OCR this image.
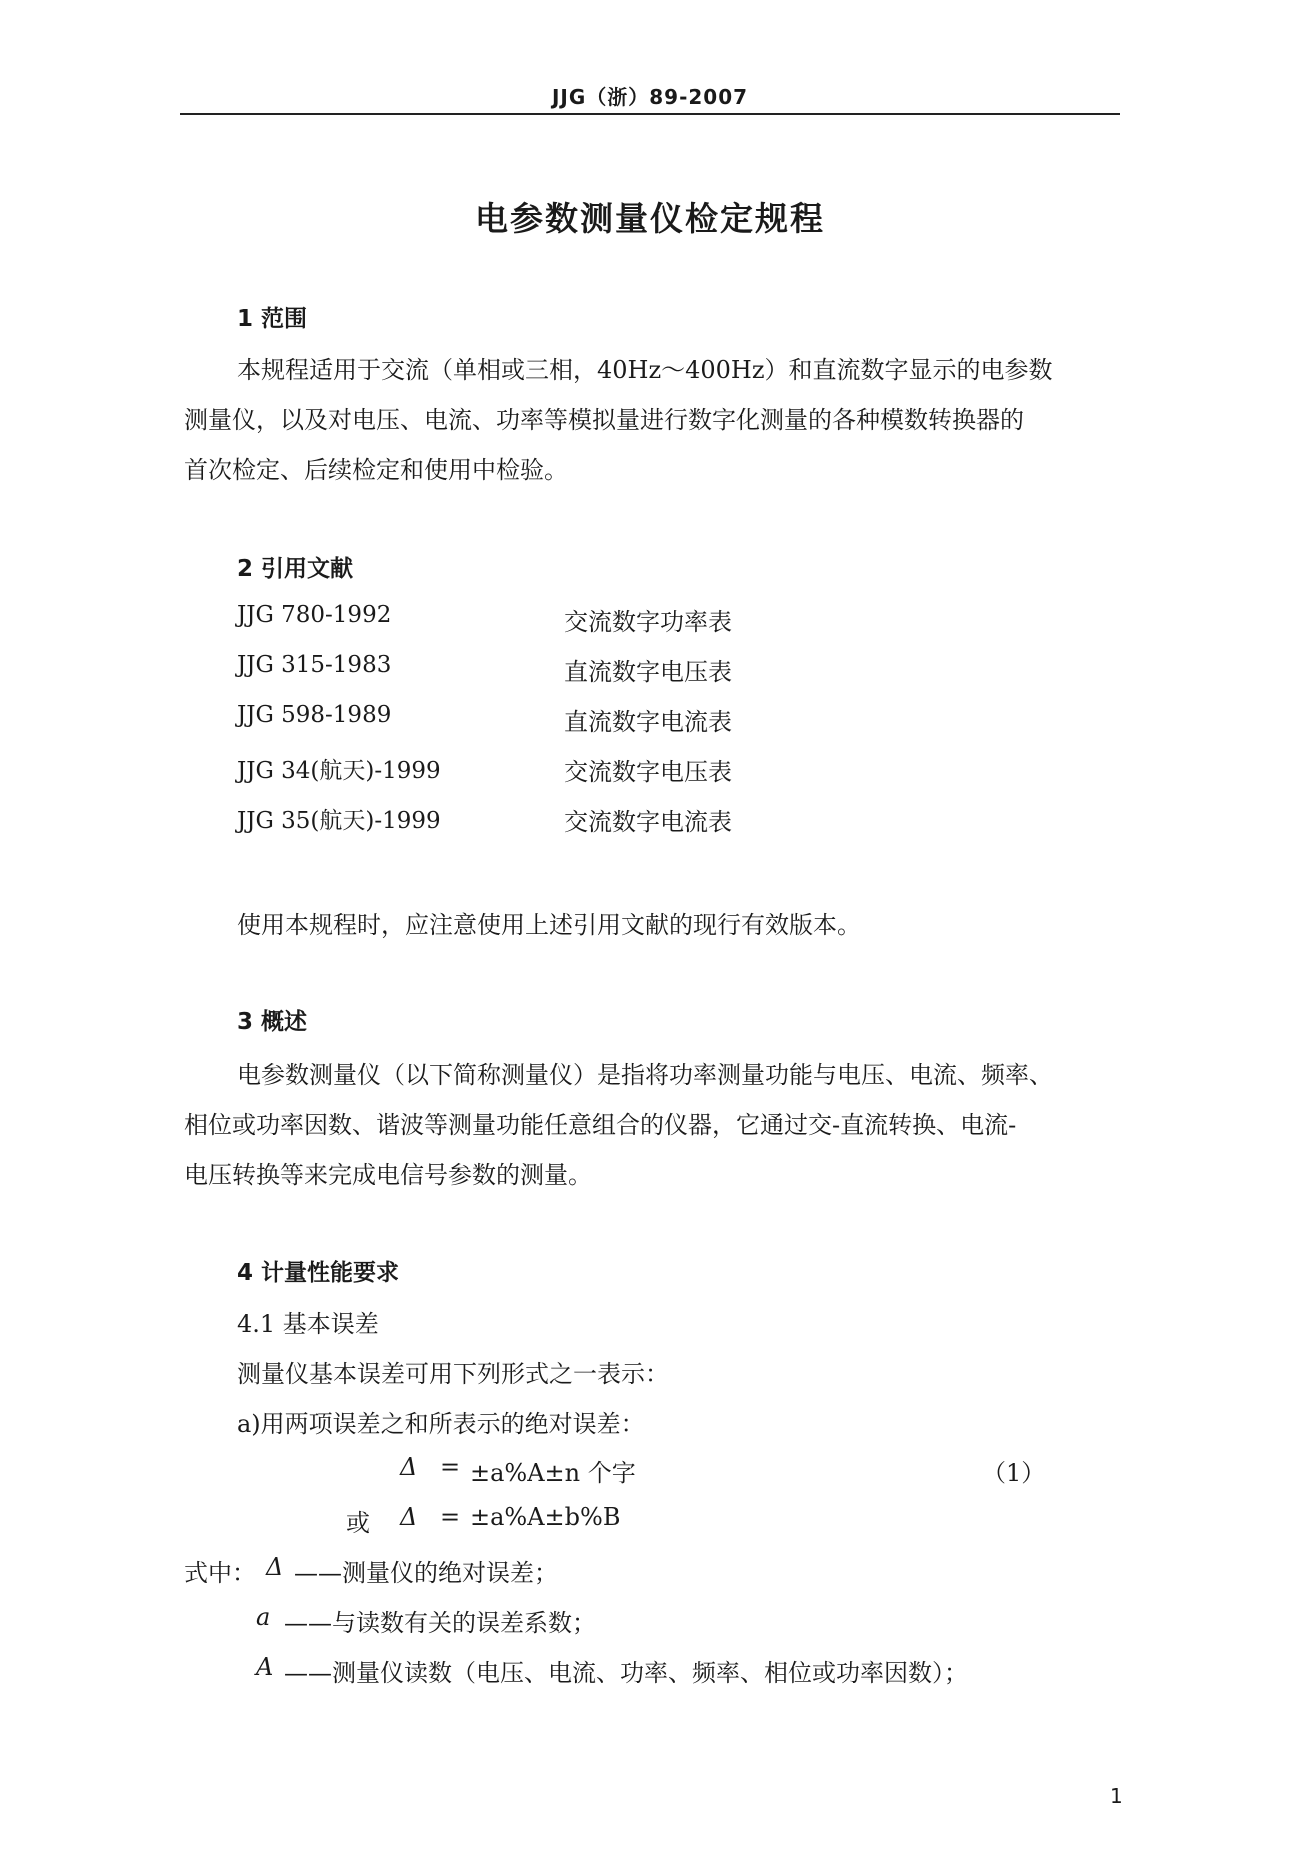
JJG（浙）89-2007
电参数测量仪检定规程
1 范围
本规程适用于交流（单相或三相，40Hz～400Hz）和直流数字显示的电参数
测量仪，以及对电压、电流、功率等模拟量进行数字化测量的各种模数转换器的
首次检定、后续检定和使用中检验。
2 引用文献
JJG 780-1992	交流数字功率表
JJG 315-1983	直流数字电压表
JJG 598-1989	直流数字电流表
JJG 34(航天)-1999	交流数字电压表
JJG 35(航天)-1999	交流数字电流表
使用本规程时，应注意使用上述引用文献的现行有效版本。
3 概述
电参数测量仪（以下简称测量仪）是指将功率测量功能与电压、电流、频率、
相位或功率因数、谐波等测量功能任意组合的仪器，它通过交-直流转换、电流-
电压转换等来完成电信号参数的测量。
4 计量性能要求
4.1 基本误差
测量仪基本误差可用下列形式之一表示：
a)用两项误差之和所表示的绝对误差：
Δ = ±a%A±n 个字	（1）
或 Δ = ±a%A±b%B
式中： Δ ——测量仪的绝对误差；
a ——与读数有关的误差系数；
A ——测量仪读数（电压、电流、功率、频率、相位或功率因数）；
1
